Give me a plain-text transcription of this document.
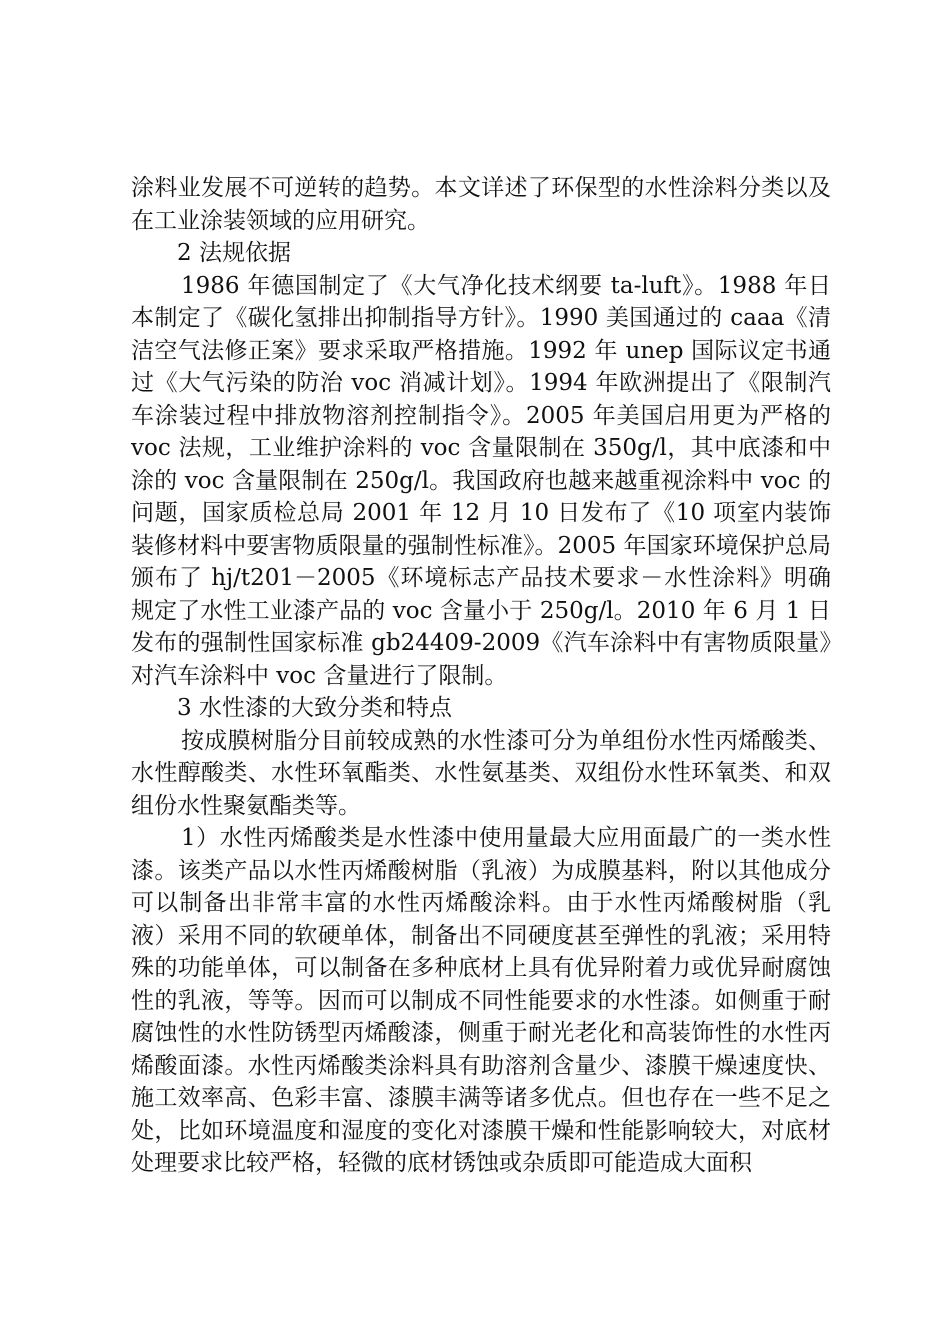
涂料业发展不可逆转的趋势。本文详述了环保型的水性涂料分类以及在工业涂装领域的应用研究。

2 法规依据

1986 年德国制定了《大气净化技术纲要 ta-luft》。1988 年日本制定了《碳化氢排出抑制指导方针》。1990 美国通过的 caaa《清洁空气法修正案》要求采取严格措施。1992 年 unep 国际议定书通过《大气污染的防治 voc 消减计划》。1994 年欧洲提出了《限制汽车涂装过程中排放物溶剂控制指令》。2005 年美国启用更为严格的 voc 法规，工业维护涂料的 voc 含量限制在 350g/l，其中底漆和中涂的 voc 含量限制在 250g/l。我国政府也越来越重视涂料中 voc 的问题，国家质检总局 2001 年 12 月 10 日发布了《10 项室内装饰装修材料中要害物质限量的强制性标准》。2005 年国家环境保护总局颁布了 hj/t201－2005《环境标志产品技术要求－水性涂料》明确规定了水性工业漆产品的 voc 含量小于 250g/l。2010 年 6 月 1 日发布的强制性国家标准 gb24409-2009《汽车涂料中有害物质限量》对汽车涂料中 voc 含量进行了限制。

3 水性漆的大致分类和特点

按成膜树脂分目前较成熟的水性漆可分为单组份水性丙烯酸类、水性醇酸类、水性环氧酯类、水性氨基类、双组份水性环氧类、和双组份水性聚氨酯类等。

1）水性丙烯酸类是水性漆中使用量最大应用面最广的一类水性漆。该类产品以水性丙烯酸树脂（乳液）为成膜基料，附以其他成分可以制备出非常丰富的水性丙烯酸涂料。由于水性丙烯酸树脂（乳液）采用不同的软硬单体，制备出不同硬度甚至弹性的乳液；采用特殊的功能单体，可以制备在多种底材上具有优异附着力或优异耐腐蚀性的乳液，等等。因而可以制成不同性能要求的水性漆。如侧重于耐腐蚀性的水性防锈型丙烯酸漆，侧重于耐光老化和高装饰性的水性丙烯酸面漆。水性丙烯酸类涂料具有助溶剂含量少、漆膜干燥速度快、施工效率高、色彩丰富、漆膜丰满等诸多优点。但也存在一些不足之处，比如环境温度和湿度的变化对漆膜干燥和性能影响较大，对底材处理要求比较严格，轻微的底材锈蚀或杂质即可能造成大面积
